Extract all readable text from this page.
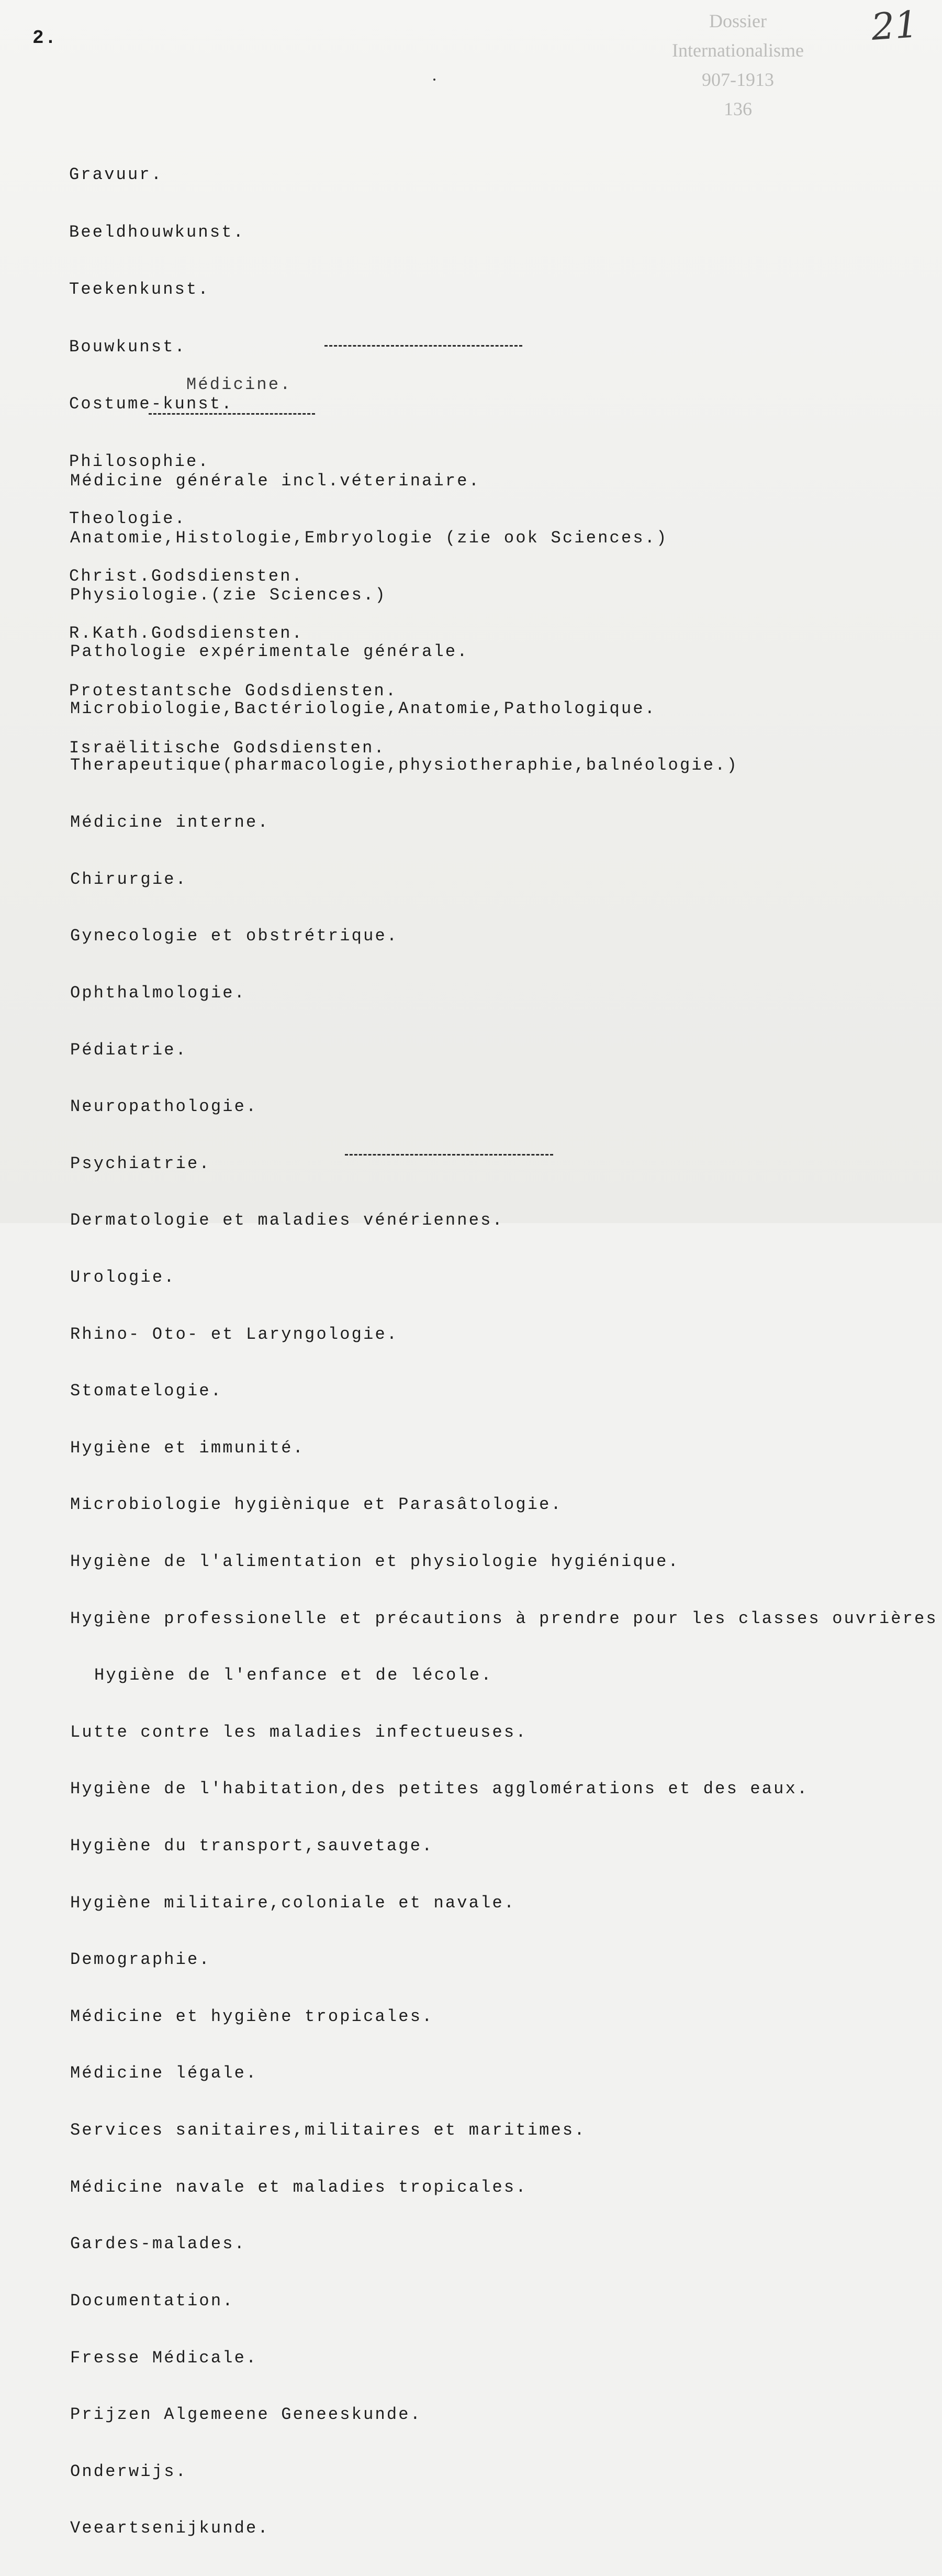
2.
Dossier
Internationalisme
907-1913
136
21

Gravuur.

Beeldhouwkunst.

Teekenkunst.

Bouwkunst.

Costume-kunst.

Philosophie.

Theologie.

Christ.Godsdiensten.

R.Kath.Godsdiensten.

Protestantsche Godsdiensten.

Israëlitische Godsdiensten.

Médicine.

Médicine générale incl.véterinaire.

Anatomie,Histologie,Embryologie (zie ook Sciences.)

Physiologie.(zie Sciences.)

Pathologie expérimentale générale.

Microbiologie,Bactériologie,Anatomie,Pathologique.

Therapeutique(pharmacologie,physiotheraphie,balnéologie.)

Médicine interne.

Chirurgie.

Gynecologie et obstrétrique.

Ophthalmologie.

Pédiatrie.

Neuropathologie.

Psychiatrie.

Dermatologie et maladies vénériennes.

Urologie.

Rhino- Oto- et Laryngologie.

Stomatelogie.

Hygiène et immunité.

Microbiologie hygiènique et Parasâtologie.

Hygiène de l'alimentation et physiologie hygiénique.

Hygiène professionelle et précautions à prendre pour les classes ouvrières

Hygiène de l'enfance et de lécole.

Lutte contre les maladies infectueuses.

Hygiène de l'habitation,des petites agglomérations et des eaux.

Hygiène du transport,sauvetage.

Hygiène militaire,coloniale et navale.

Demographie.

Médicine et hygiène tropicales.

Médicine légale.

Services sanitaires,militaires et maritimes.

Médicine navale et maladies tropicales.

Gardes-malades.

Documentation.

Fresse Médicale.

Prijzen Algemeene Geneeskunde.

Onderwijs.

Veeartsenijkunde.
